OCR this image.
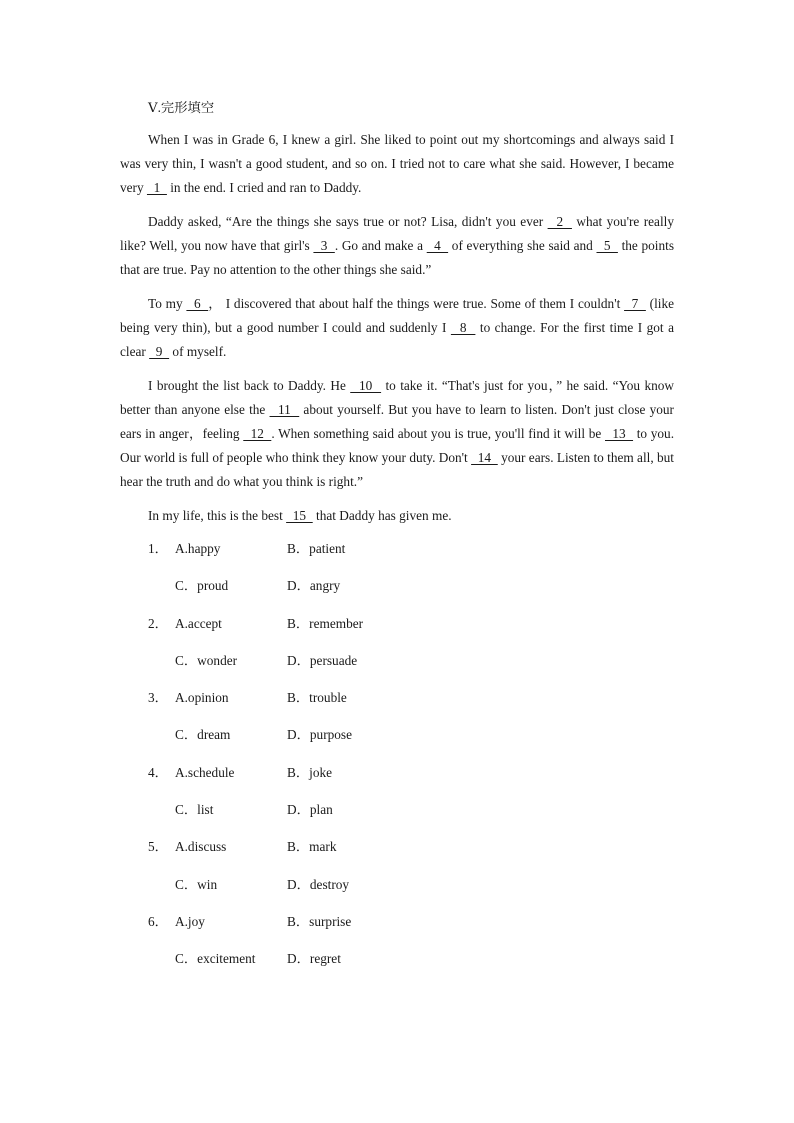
Ⅴ.完形填空

When I was in Grade 6, I knew a girl. She liked to point out my shortcomings and always said I was very thin, I wasn't a good student, and so on. I tried not to care what she said. However, I became very   1   in the end. I cried and ran to Daddy.

Daddy asked, “Are the things she says true or not? Lisa, didn't you ever   2   what you're really like? Well, you now have that girl's   3  . Go and make a   4   of everything she said and   5   the points that are true. Pay no attention to the other things she said.”

To my   6  ， I discovered that about half the things were true. Some of them I couldn't   7   (like being very thin), but a good number I could and suddenly I   8   to change. For the first time I got a clear   9   of myself.

I brought the list back to Daddy. He   10   to take it. “That's just for you，” he said. “You know better than anyone else the   11   about yourself. But you have to learn to listen. Don't just close your ears in anger，feeling   12  . When something said about you is true, you'll find it will be   13   to you. Our world is full of people who think they know your duty. Don't   14   your ears. Listen to them all, but hear the truth and do what you think is right.”

In my life, this is the best   15   that Daddy has given me.

1． A.happy	B．patient
C．proud	D．angry
2． A.accept	B．remember
C．wonder	D．persuade
3． A.opinion	B．trouble
C．dream	D．purpose
4． A.schedule	B．joke
C．list	D．plan
5． A.discuss	B．mark
C．win	D．destroy
6． A.joy	B．surprise
C．excitement D．regret
